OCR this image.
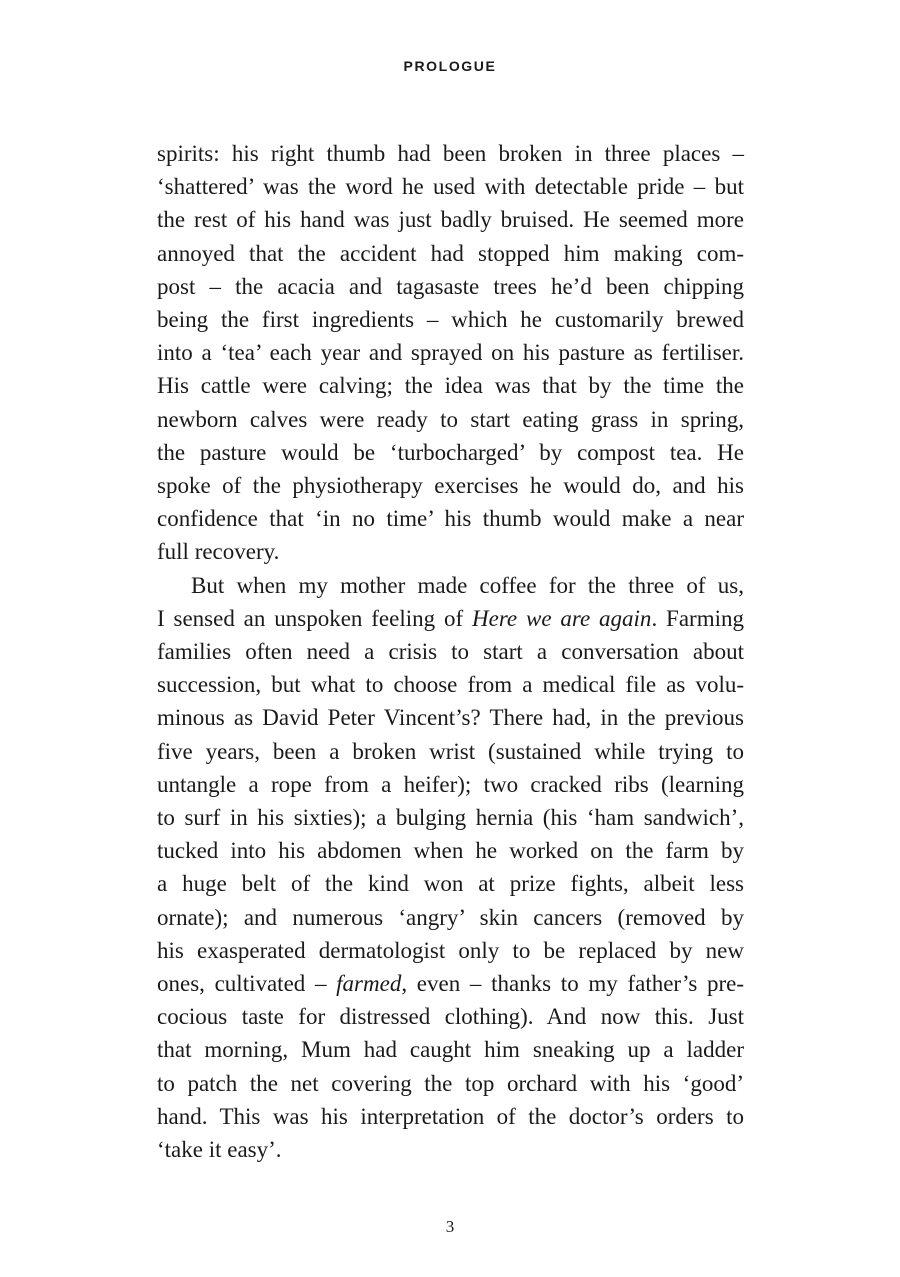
PROLOGUE

spirits: his right thumb had been broken in three places –
‘shattered’ was the word he used with detectable pride – but
the rest of his hand was just badly bruised. He seemed more
annoyed that the accident had stopped him making com-
post – the acacia and tagasaste trees he’d been chipping
being the first ingredients – which he customarily brewed
into a ‘tea’ each year and sprayed on his pasture as fertiliser.
His cattle were calving; the idea was that by the time the
newborn calves were ready to start eating grass in spring,
the pasture would be ‘turbocharged’ by compost tea. He
spoke of the physiotherapy exercises he would do, and his
confidence that ‘in no time’ his thumb would make a near
full recovery.

But when my mother made coffee for the three of us,
I sensed an unspoken feeling of Here we are again. Farming
families often need a crisis to start a conversation about
succession, but what to choose from a medical file as volu-
minous as David Peter Vincent’s? There had, in the previous
five years, been a broken wrist (sustained while trying to
untangle a rope from a heifer); two cracked ribs (learning
to surf in his sixties); a bulging hernia (his ‘ham sandwich’,
tucked into his abdomen when he worked on the farm by
a huge belt of the kind won at prize fights, albeit less
ornate); and numerous ‘angry’ skin cancers (removed by
his exasperated dermatologist only to be replaced by new
ones, cultivated – farmed, even – thanks to my father’s pre-
cocious taste for distressed clothing). And now this. Just
that morning, Mum had caught him sneaking up a ladder
to patch the net covering the top orchard with his ‘good’
hand. This was his interpretation of the doctor’s orders to
‘take it easy’.

3
